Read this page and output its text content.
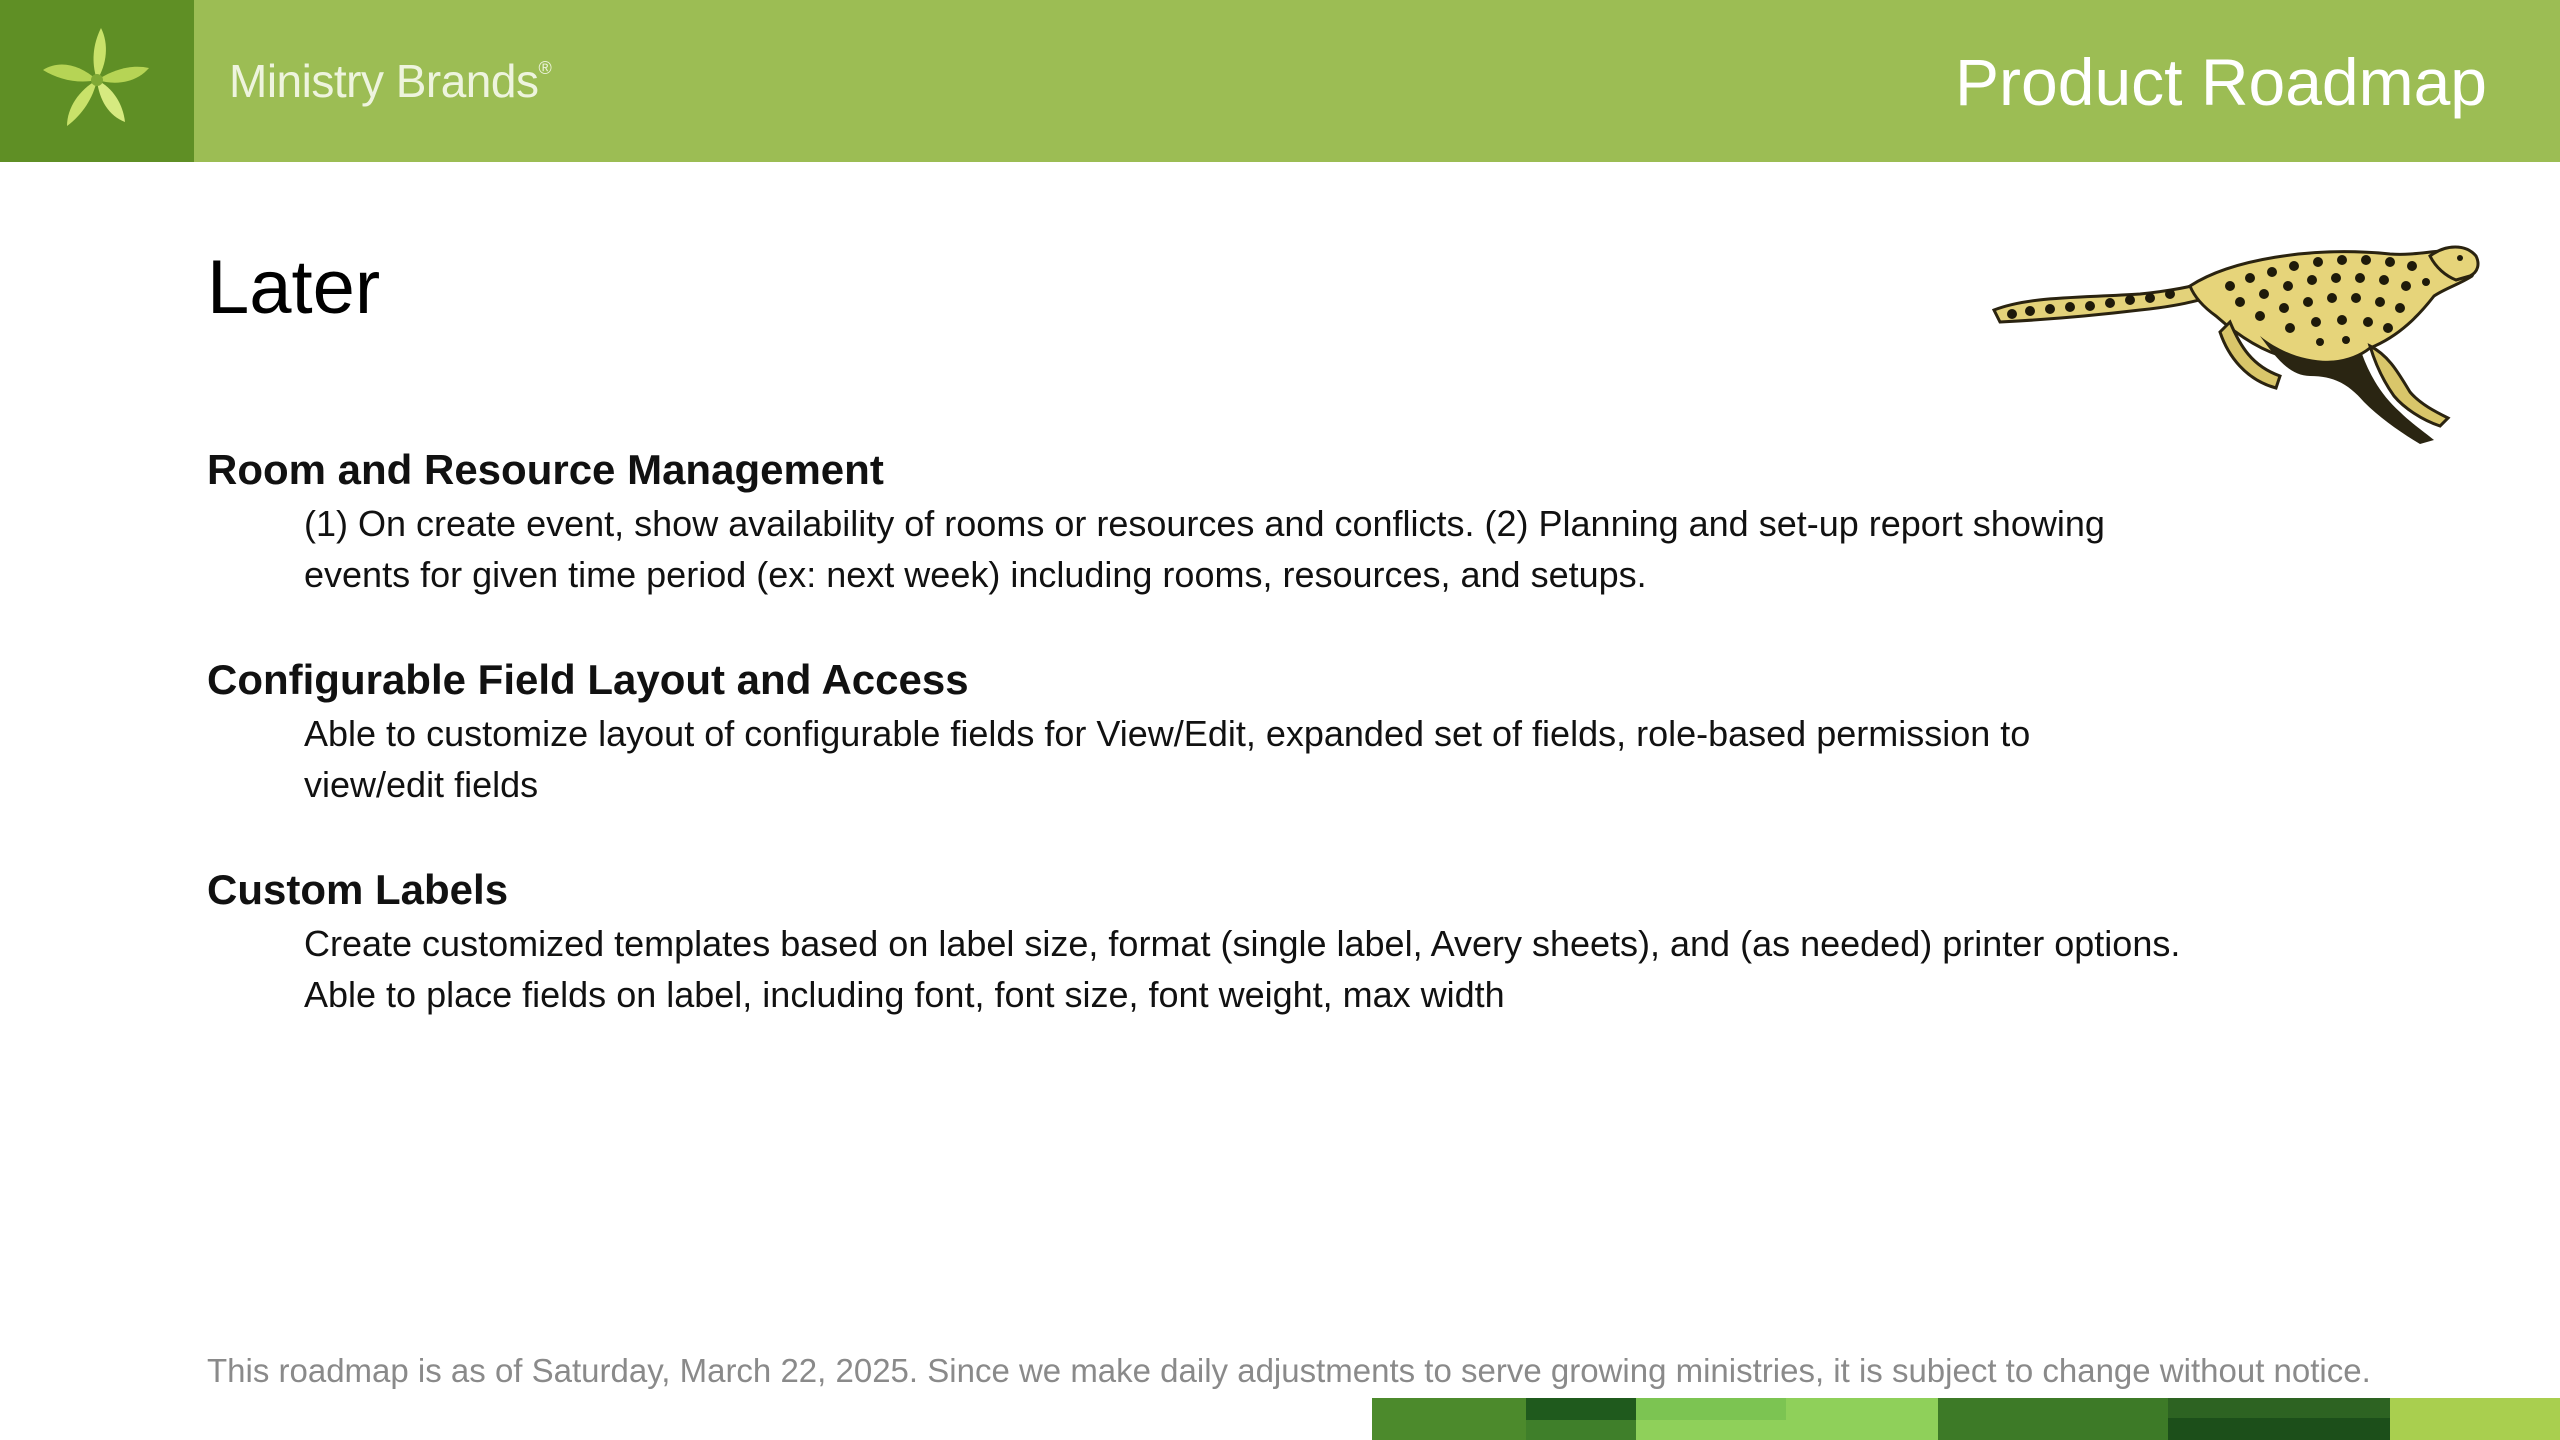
Ministry Brands®	Product Roadmap
Later
Room and Resource Management
(1) On create event, show availability of rooms or resources and conflicts. (2) Planning and set-up report showing
events for given time period (ex: next week) including rooms, resources, and setups.
Configurable Field Layout and Access
Able to customize layout of configurable fields for View/Edit, expanded set of fields, role-based permission to
view/edit fields
Custom Labels
Create customized templates based on label size, format (single label, Avery sheets), and (as needed) printer options.
Able to place fields on label, including font, font size, font weight, max width
This roadmap is as of Saturday, March 22, 2025. Since we make daily adjustments to serve growing ministries, it is subject to change without notice.
